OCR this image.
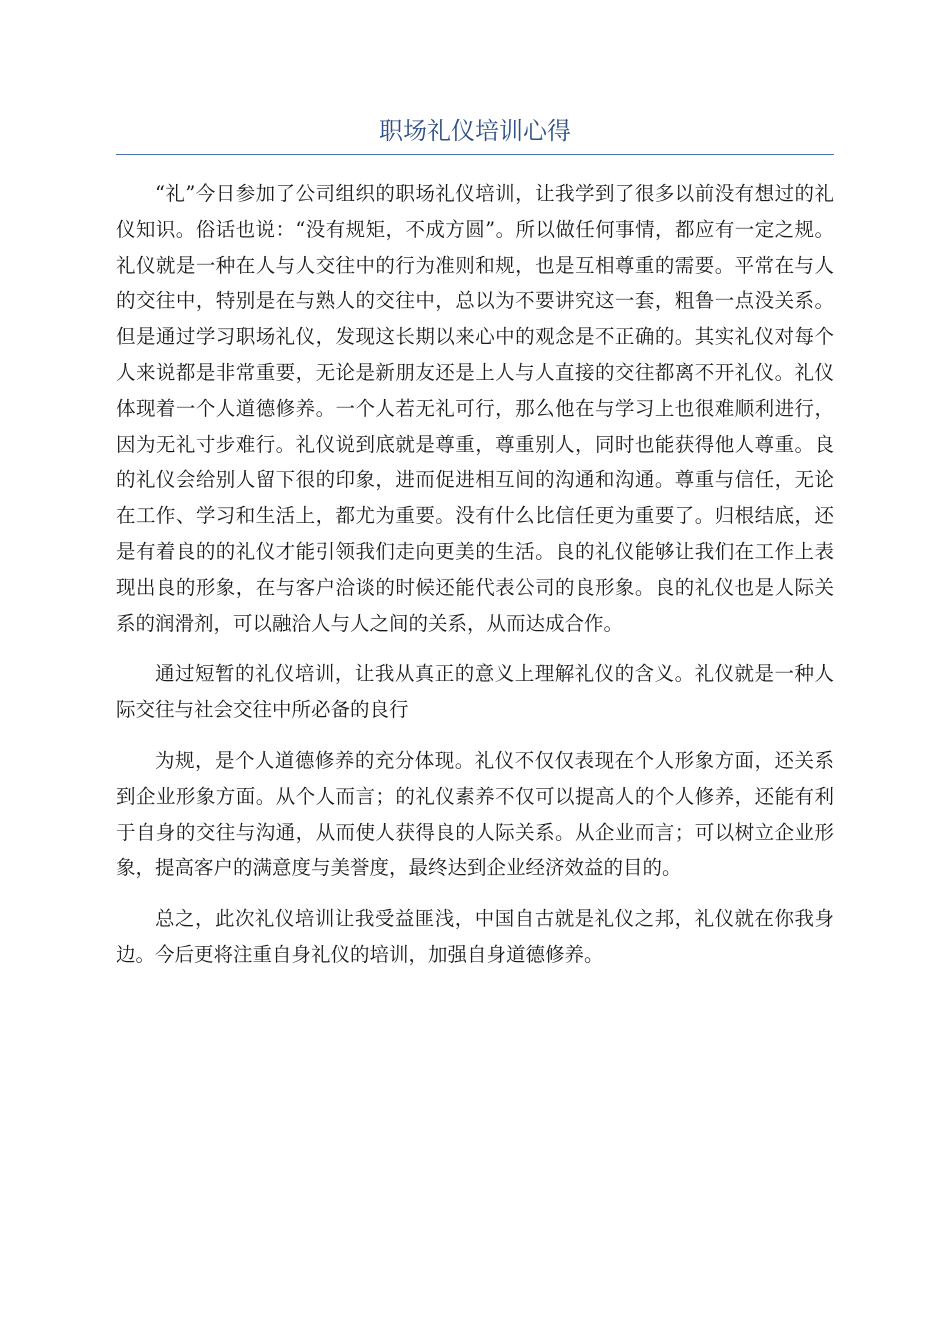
职场礼仪培训心得

“礼”今日参加了公司组织的职场礼仪培训，让我学到了很多以前没有想过的礼仪知识。俗话也说：“没有规矩，不成方圆”。所以做任何事情，都应有一定之规。礼仪就是一种在人与人交往中的行为准则和规，也是互相尊重的需要。平常在与人的交往中，特别是在与熟人的交往中，总以为不要讲究这一套，粗鲁一点没关系。但是通过学习职场礼仪，发现这长期以来心中的观念是不正确的。其实礼仪对每个人来说都是非常重要，无论是新朋友还是上人与人直接的交往都离不开礼仪。礼仪体现着一个人道德修养。一个人若无礼可行，那么他在与学习上也很难顺利进行，因为无礼寸步难行。礼仪说到底就是尊重，尊重别人，同时也能获得他人尊重。良的礼仪会给别人留下很的印象，进而促进相互间的沟通和沟通。尊重与信任，无论在工作、学习和生活上，都尤为重要。没有什么比信任更为重要了。归根结底，还是有着良的的礼仪才能引领我们走向更美的生活。良的礼仪能够让我们在工作上表现出良的形象，在与客户洽谈的时候还能代表公司的良形象。良的礼仪也是人际关系的润滑剂，可以融洽人与人之间的关系，从而达成合作。

通过短暂的礼仪培训，让我从真正的意义上理解礼仪的含义。礼仪就是一种人际交往与社会交往中所必备的良行

为规，是个人道德修养的充分体现。礼仪不仅仅表现在个人形象方面，还关系到企业形象方面。从个人而言；的礼仪素养不仅可以提高人的个人修养，还能有利于自身的交往与沟通，从而使人获得良的人际关系。从企业而言；可以树立企业形象，提高客户的满意度与美誉度，最终达到企业经济效益的目的。

总之，此次礼仪培训让我受益匪浅，中国自古就是礼仪之邦，礼仪就在你我身边。今后更将注重自身礼仪的培训，加强自身道德修养。
